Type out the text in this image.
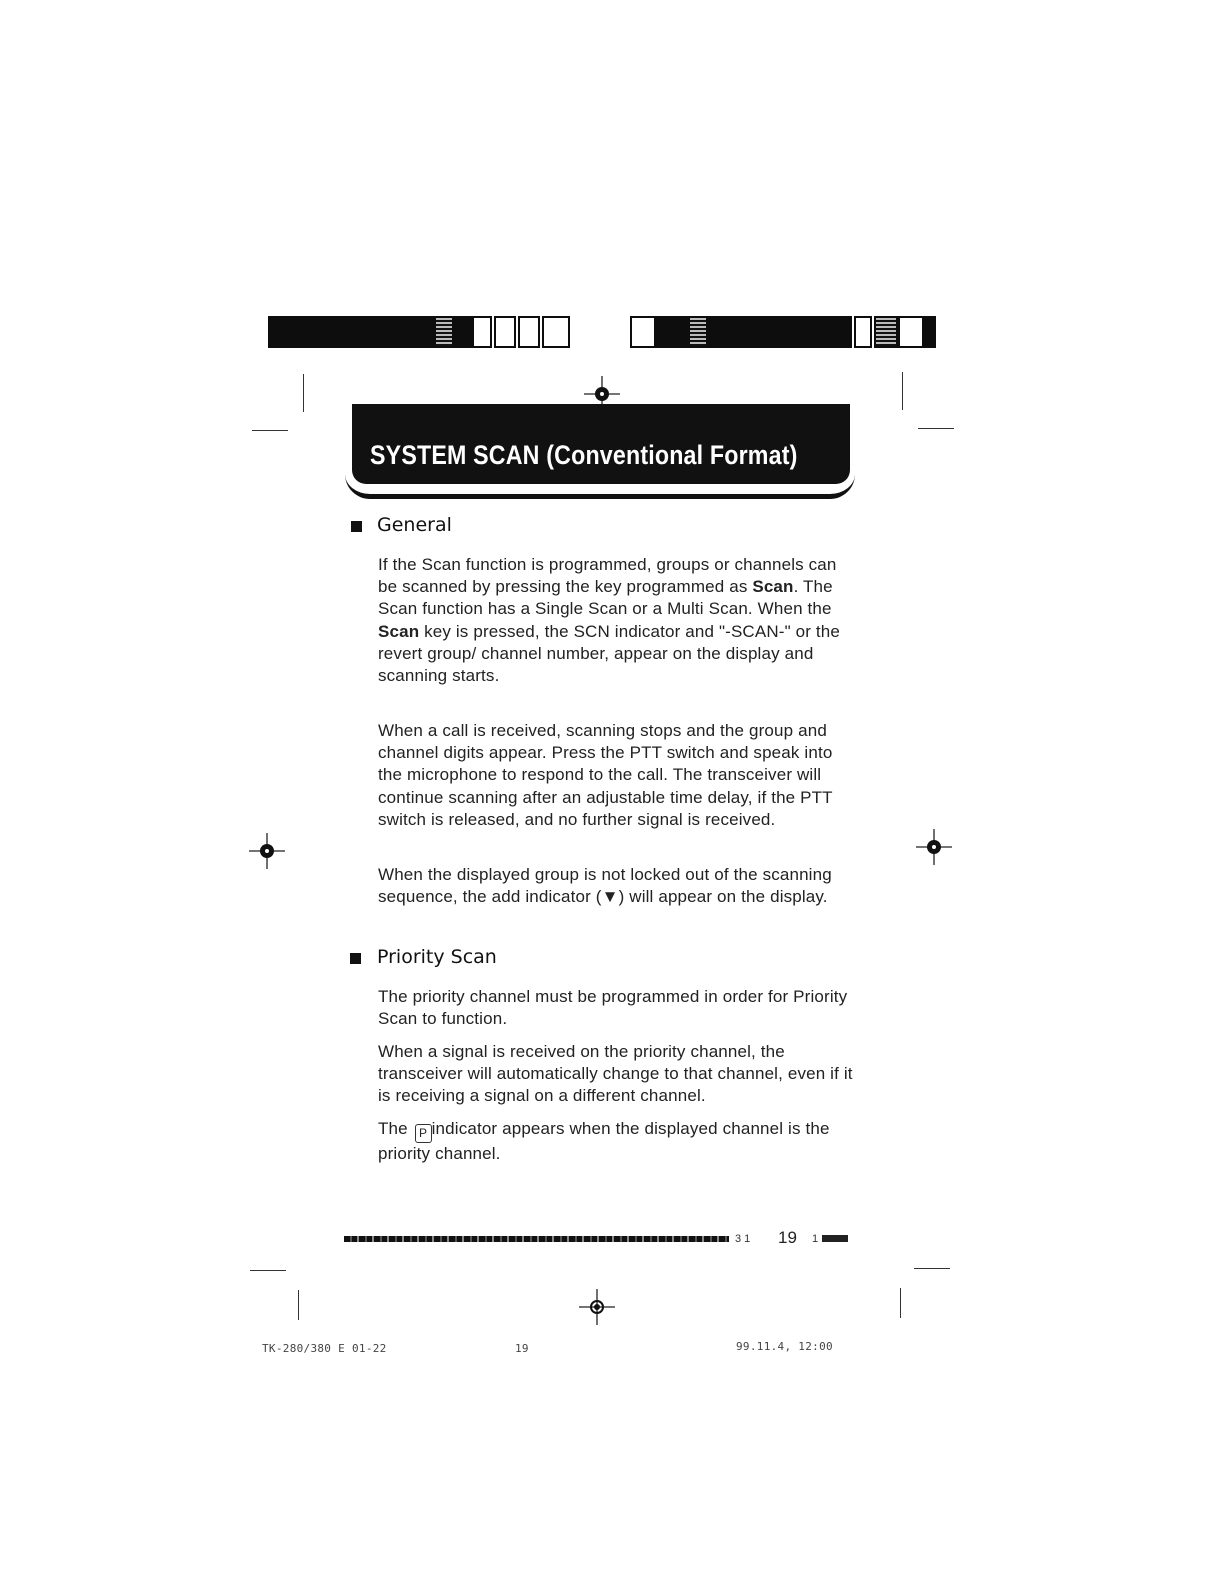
SYSTEM SCAN (Conventional Format)
General
If the Scan function is programmed, groups or channels can be scanned by pressing the key programmed as Scan. The Scan function has a Single Scan or a Multi Scan. When the Scan key is pressed, the SCN indicator and "-SCAN-" or the revert group/ channel number, appear on the display and scanning starts.
When a call is received, scanning stops and the group and channel digits appear. Press the PTT switch and speak into the microphone to respond to the call. The transceiver will continue scanning after an adjustable time delay, if the PTT switch is released, and no further signal is received.
When the displayed group is not locked out of the scanning sequence, the add indicator (▼) will appear on the display.
Priority Scan
The priority channel must be programmed in order for Priority Scan to function.
When a signal is received on the priority channel, the transceiver will automatically change to that channel, even if it is receiving a signal on a different channel.
The P indicator appears when the displayed channel is the priority channel.
3 1 19 1
TK-280/380 E 01-22	19	99.11.4, 12:00
